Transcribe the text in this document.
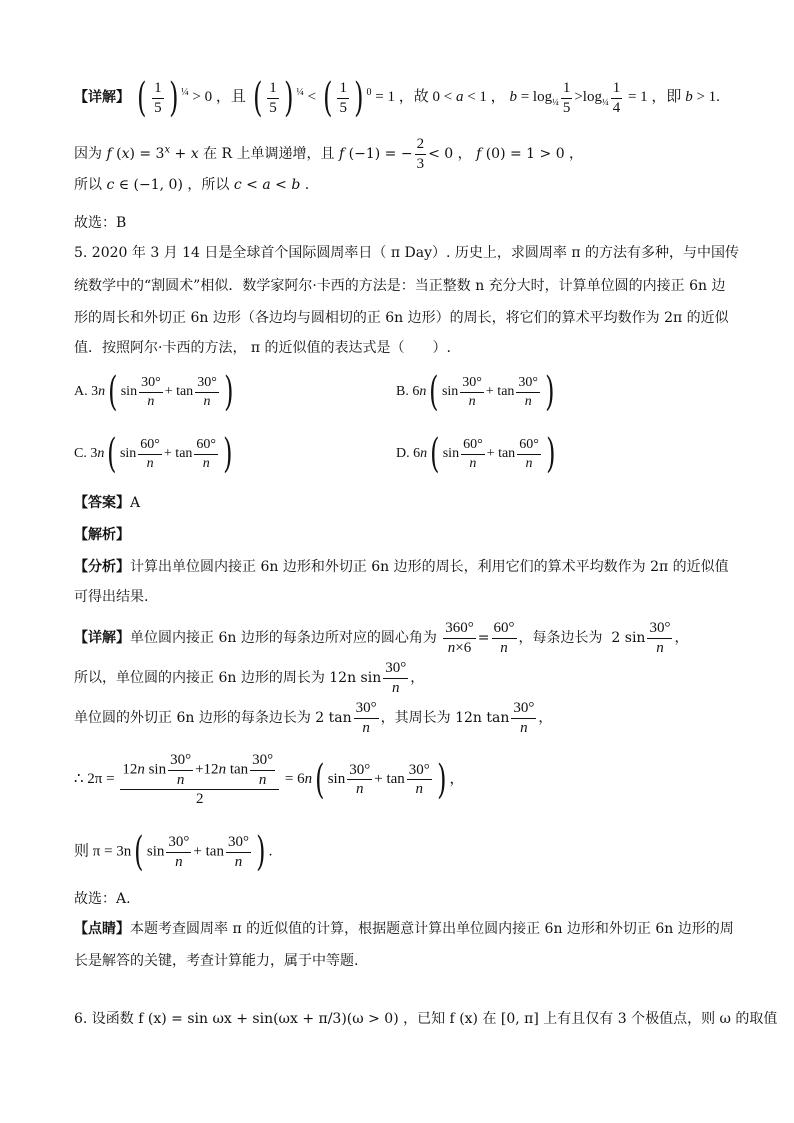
【详解】 ( $\frac{1}{5}$ ) $^{\frac{1}{4}}$ > 0 ，且 ( $\frac{1}{5}$ ) $^{\frac{1}{4}}$ < ( $\frac{1}{5}$ ) $^0$ = 1 ，故 0 < a < 1 ， $b = \log_{\frac{1}{4}} \frac{1}{5} >\log_{\frac{1}{4}} \frac{1}{4} = 1$ ，即 b > 1.
因为 f $(x) = 3^x + x$ 在 R 上单调递增，且 f (−1) = − $\frac{2}{3} < 0$ ， f (0) = 1 > 0 ，
所以 c ∈ (−1, 0) ，所以 c < a < b .
故选：B
5. 2020 年 3 月 14 日是全球首个国际圆周率日（ π Day）. 历史上，求圆周率 π 的方法有多种，与中国传
统数学中的“割圆术”相似．数学家阿尔·卡西的方法是：当正整数 n 充分大时，计算单位圆的内接正 6n 边
形的周长和外切正 6n 边形（各边均与圆相切的正 6n 边形）的周长，将它们的算术平均数作为 2π 的近似
值．按照阿尔·卡西的方法， π 的近似值的表达式是（　　）.
A. 3n( $\sin \frac{30^\circ}{n} + \tan \frac{30^\circ}{n}$ )	B. 6n( $\sin \frac{30^\circ}{n} + \tan \frac{30^\circ}{n}$ )
C. 3n( $\sin \frac{60^\circ}{n} + \tan \frac{60^\circ}{n}$ )	D. 6n( $\sin \frac{60^\circ}{n} + \tan \frac{60^\circ}{n}$ )
【答案】A
【解析】
【分析】计算出单位圆内接正 6n 边形和外切正 6n 边形的周长，利用它们的算术平均数作为 2π 的近似值
可得出结果.
【详解】单位圆内接正 6n 边形的每条边所对应的圆心角为 $\frac{360^\circ}{n\times 6} = \frac{60^\circ}{n}$ ，每条边长为  2 $\sin \frac{30^\circ}{n}$ ，
所以，单位圆的内接正 6n 边形的周长为 12n $\sin \frac{30^\circ}{n}$ ，
单位圆的外切正 6n 边形的每条边长为 2 $\tan \frac{30^\circ}{n}$ ，其周长为 12n $\tan \frac{30^\circ}{n}$ ，
∴ $2\pi = \frac{12n \sin \frac{30^\circ}{n} +12n \tan \frac{30^\circ}{n}}{2} = 6n$( $\sin \frac{30^\circ}{n} + \tan \frac{30^\circ}{n}$ ) ，
则 π = 3n( $\sin \frac{30^\circ}{n} + \tan \frac{30^\circ}{n}$ ) .
故选：A.
【点睛】本题考查圆周率 π 的近似值的计算，根据题意计算出单位圆内接正 6n 边形和外切正 6n 边形的周
长是解答的关键，考查计算能力，属于中等题.
6. 设函数 f (x) = sin ωx + sin(ωx + π/3)(ω > 0) ，已知 f (x) 在 [0, π] 上有且仅有 3 个极值点，则 ω 的取值
